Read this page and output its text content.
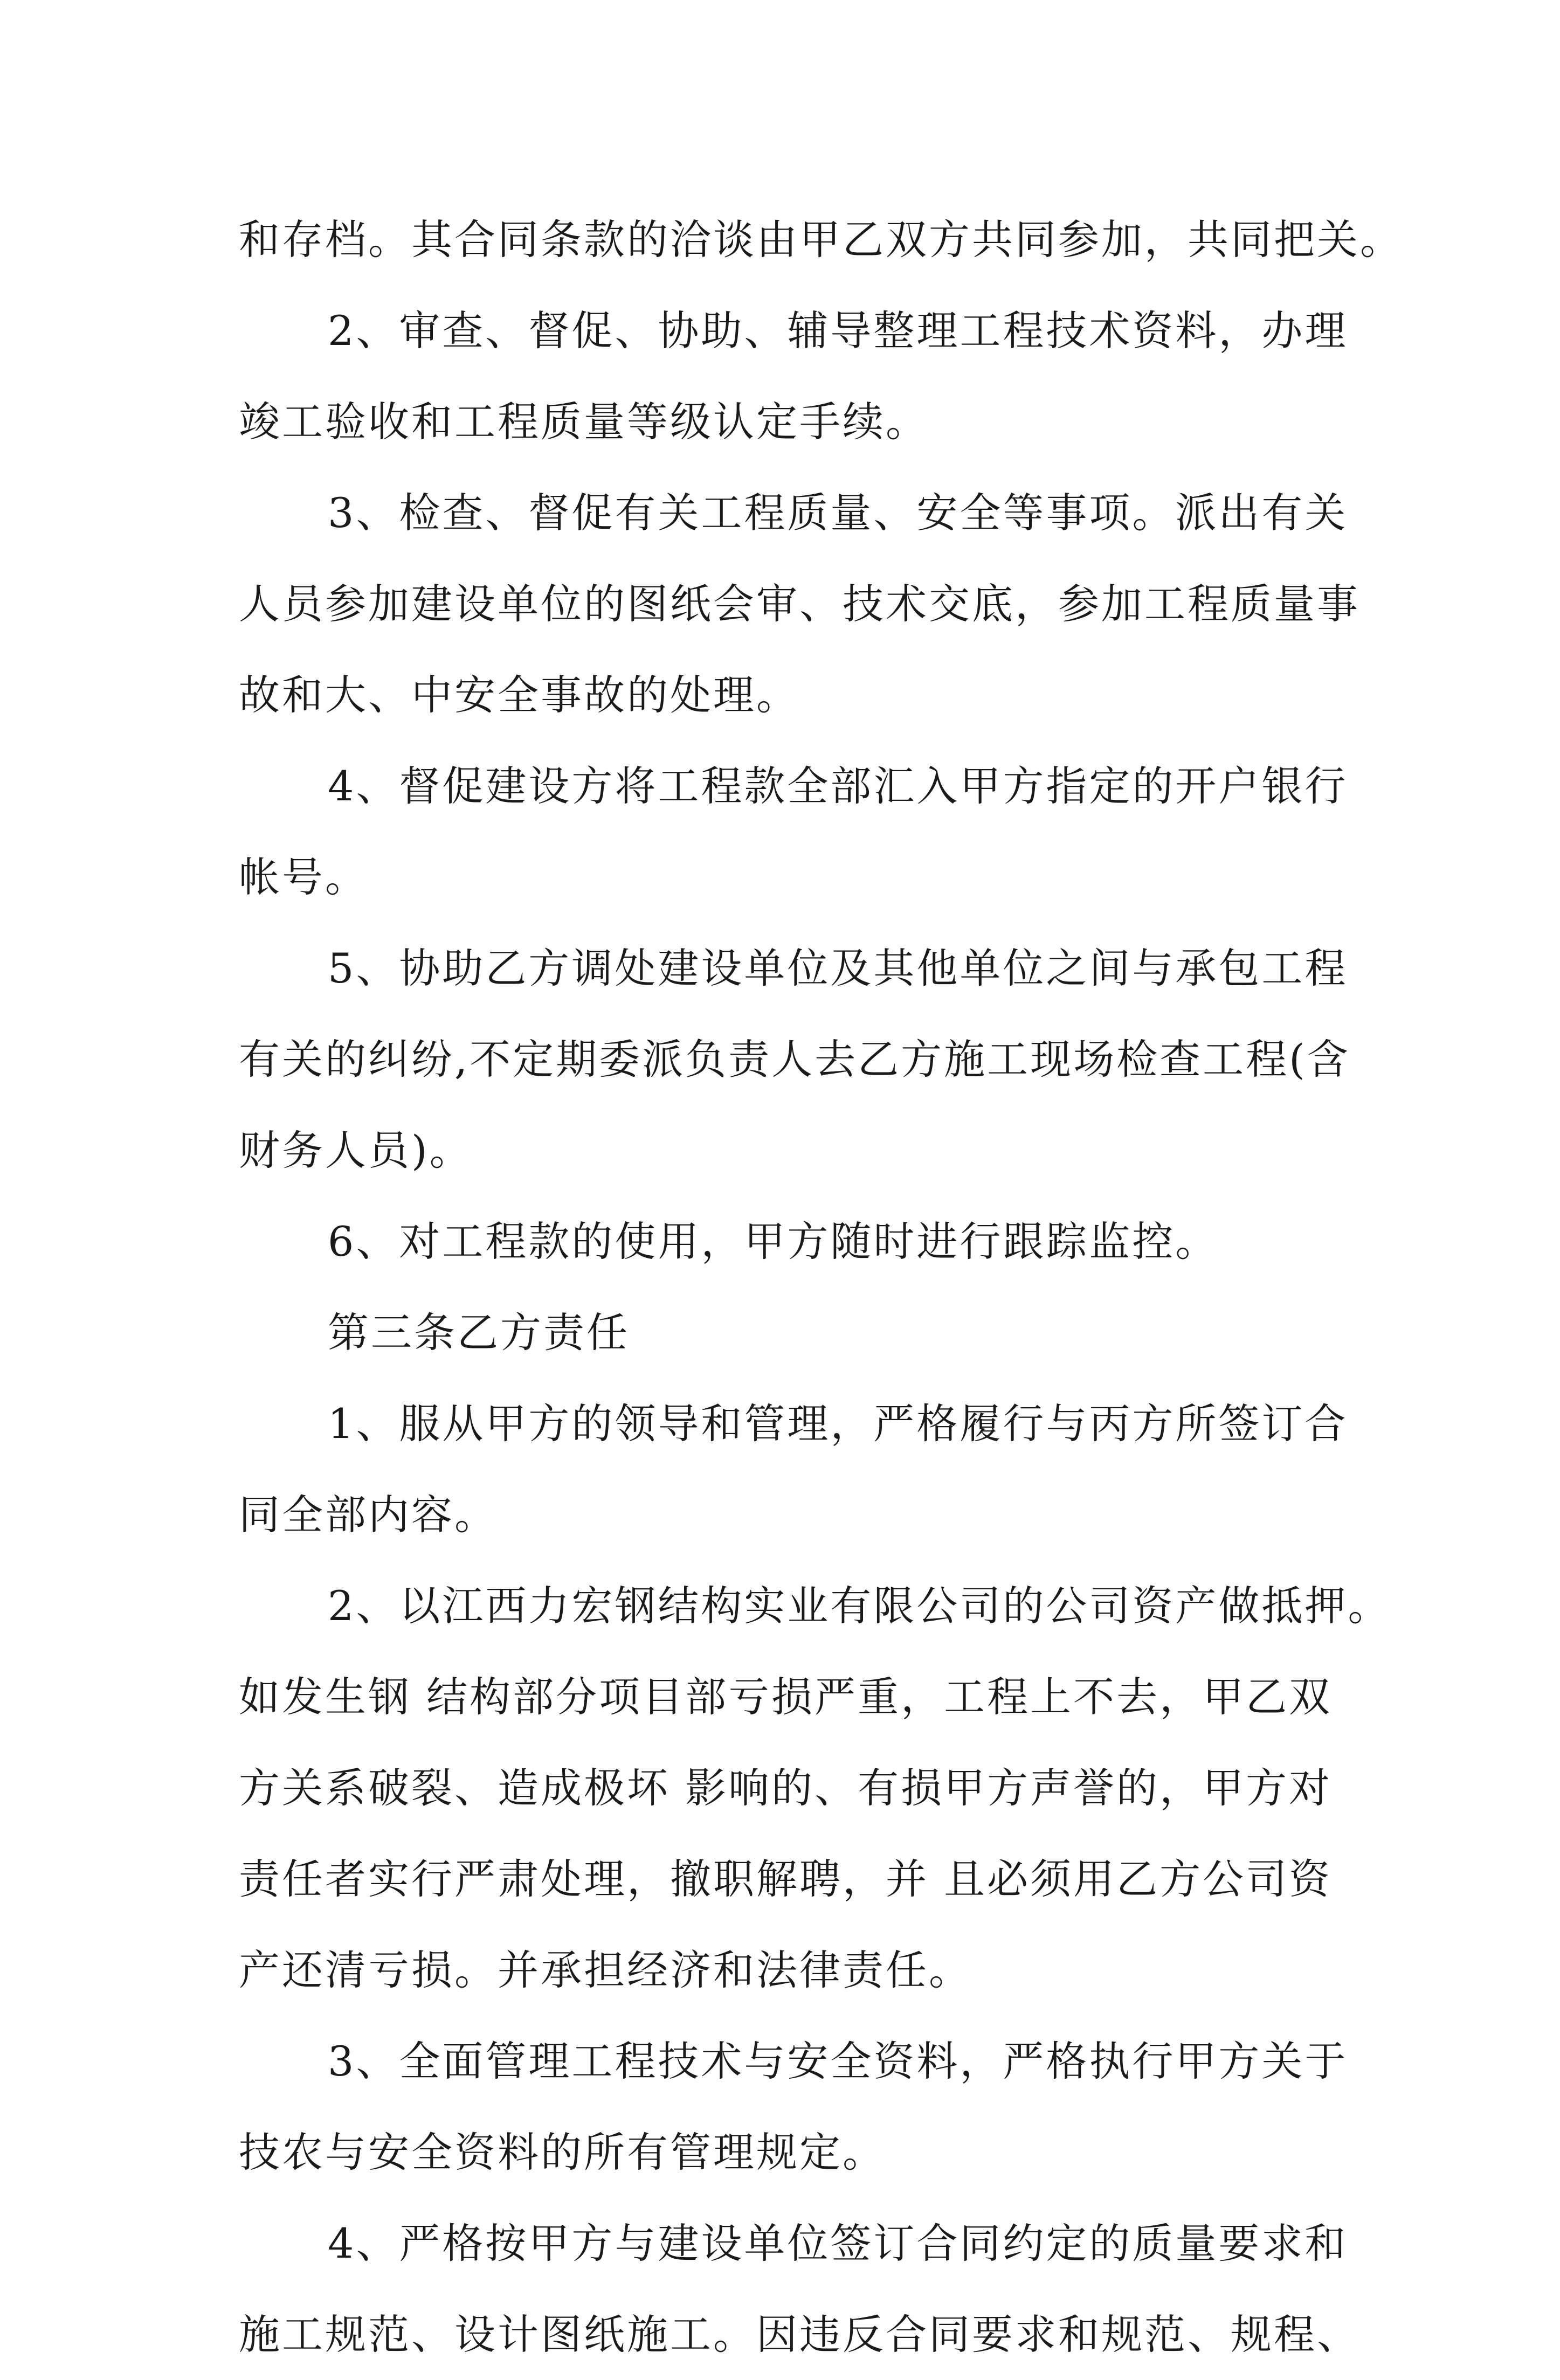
和存档。其合同条款的洽谈由甲乙双方共同参加，共同把关。
2、审查、督促、协助、辅导整理工程技术资料，办理
竣工验收和工程质量等级认定手续。
3、检查、督促有关工程质量、安全等事项。派出有关
人员参加建设单位的图纸会审、技术交底，参加工程质量事
故和大、中安全事故的处理。
4、督促建设方将工程款全部汇入甲方指定的开户银行
帐号。
5、协助乙方调处建设单位及其他单位之间与承包工程
有关的纠纷,不定期委派负责人去乙方施工现场检查工程(含
财务人员)。
6、对工程款的使用，甲方随时进行跟踪监控。
第三条乙方责任
1、服从甲方的领导和管理，严格履行与丙方所签订合
同全部内容。
2、以江西力宏钢结构实业有限公司的公司资产做抵押。
如发生钢 结构部分项目部亏损严重，工程上不去，甲乙双
方关系破裂、造成极坏 影响的、有损甲方声誉的，甲方对
责任者实行严肃处理，撤职解聘，并 且必须用乙方公司资
产还清亏损。并承担经济和法律责任。
3、全面管理工程技术与安全资料，严格执行甲方关于
技农与安全资料的所有管理规定。
4、严格按甲方与建设单位签订合同约定的质量要求和
施工规范、设计图纸施工。因违反合同要求和规范、规程、
